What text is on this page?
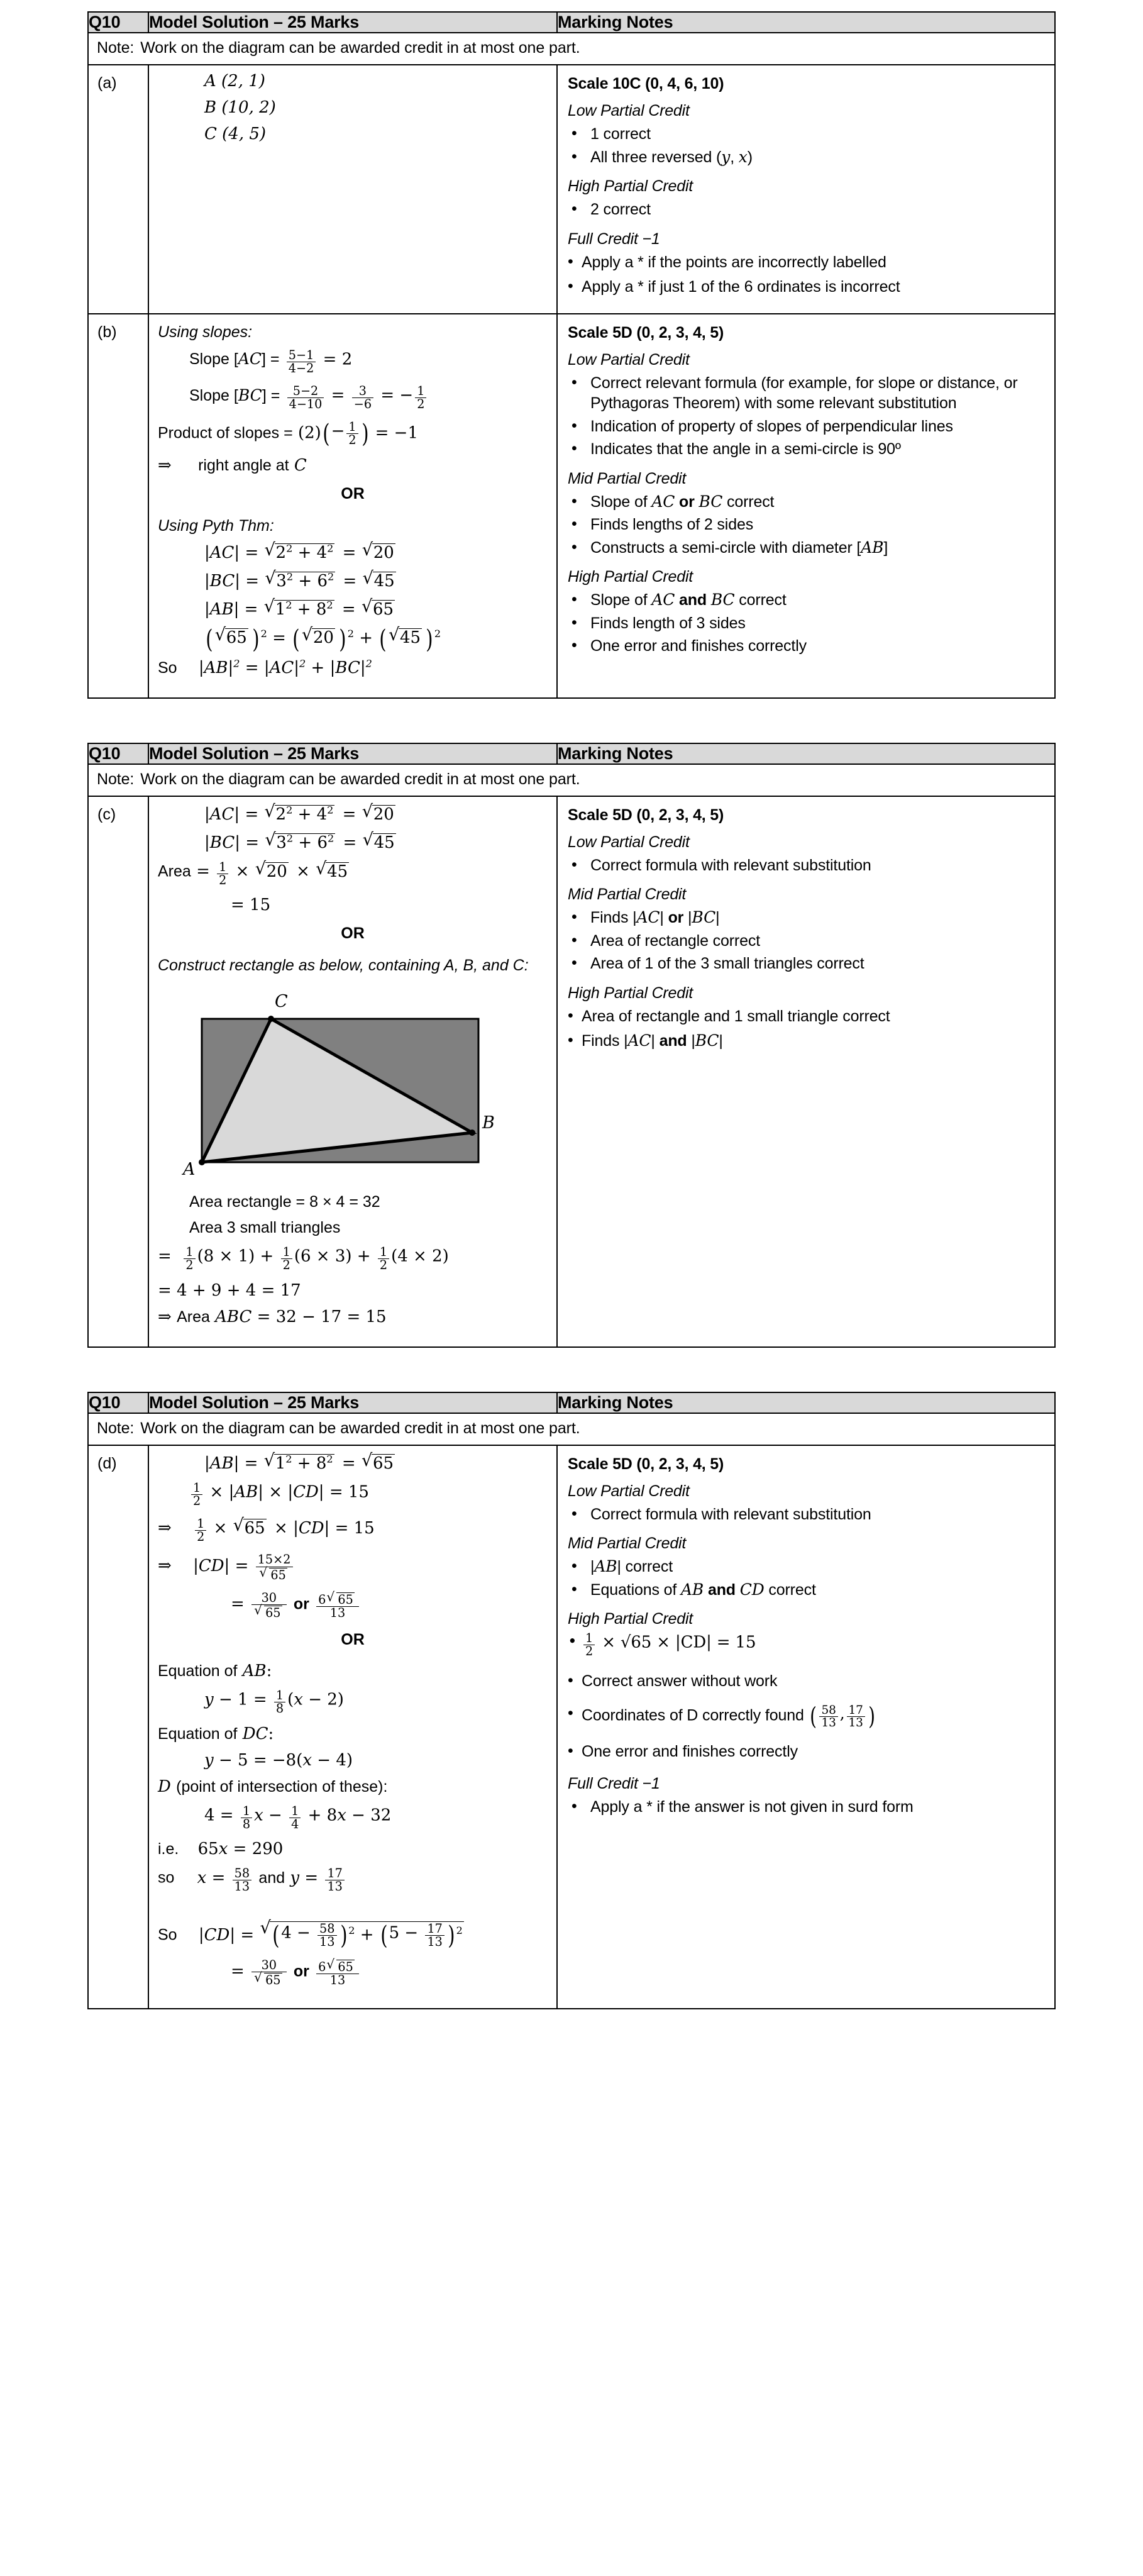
Q10	Model Solution – 25 Marks	Marking Notes
Note: Work on the diagram can be awarded credit in at most one part.		
(a)	A (2, 1)
B (10, 2)
C (4, 5)

Scale 10C (0, 4, 6, 10)
Low Partial Credit
• 1 correct
• All three reversed (y, x)
High Partial Credit
• 2 correct
Full Credit −1
• Apply a * if the points are incorrectly labelled
• Apply a * if just 1 of the 6 ordinates is incorrect

(b)	Using slopes:
Slope $[AC] = \frac{5-1}{4-2} = 2$
Slope $[BC] = \frac{5-2}{4-10} = \frac{3}{-6}$ = − $\frac{1}{2}$
Product of slopes = $(2)(- \frac{1}{2}$ ) = −1
⇒ right angle at C
OR
Using Pyth Thm:
|AC| = √ $2^2 + 4^2$ = √ 20
|BC| = √ $3^2 + 6^2$ = √ 45
|AB| = √ $1^2 + 8^2$ = √ 65
( √ 65 ) $^2$ = ( √ 20 ) $^2$ + ( √ 45 ) $^2$
So $|AB|^2 = |AC|^2 + |BC|^2$

Scale 5D (0, 2, 3, 4, 5)
Low Partial Credit
• Correct relevant formula (for example, for slope or distance, or Pythagoras Theorem) with some relevant substitution
• Indication of property of slopes of perpendicular lines
• Indicates that the angle in a semi-circle is 90º
Mid Partial Credit
• Slope of AC or BC correct
• Finds lengths of 2 sides
• Constructs a semi-circle with diameter [AB]
High Partial Credit
• Slope of AC and BC correct
• Finds length of 3 sides
• One error and finishes correctly
Q10	Model Solution – 25 Marks	Marking Notes
Note: Work on the diagram can be awarded credit in at most one part.		
(c)	|AC| = √ $2^2 + 4^2$ = √ 20
|BC| = √ $3^2 + 6^2$ = √ 45
Area = $\frac{1}{2}$ × √ 20 × √ 45
= 15
OR
Construct rectangle as below, containing A, B, and C:
A
B
C
Area rectangle = 8 × 4 = 32
Area 3 small triangles
= $\frac{1}{2} (8 \times 1) + \frac{1}{2} (6 \times 3) + \frac{1}{2} (4 \times 2)$
= 4 + 9 + 4 = 17
⇒ Area ABC = 32 − 17 = 15

Scale 5D (0, 2, 3, 4, 5)
Low Partial Credit
• Correct formula with relevant substitution
Mid Partial Credit
• Finds |AC| or |BC|
• Area of rectangle correct
• Area of 1 of the 3 small triangles correct
High Partial Credit
• Area of rectangle and 1 small triangle correct
• Finds |AC| and |BC|
Q10	Model Solution – 25 Marks	Marking Notes
Note: Work on the diagram can be awarded credit in at most one part.		
(d)	|AB| = √ $1^2 + 8^2$ = √ 65
$\frac{1}{2} \times |AB| \times |CD| = 15$
⇒ $\frac{1}{2}$ × √ 65 × |CD| = 15
⇒ |CD| = 15×2
√ 65
= 30
√ 65 or $\frac{6 √ 65}{13}$
OR
Equation of AB:
$y - 1 = \frac{1}{8} (x - 2)$
Equation of DC:
y − 5 = −8(x − 4)
D (point of intersection of these):
$4 = \frac{1}{8}$ $x - \frac{1}{4} + 8x - 32$
i.e. 65x = 290
so $x = \frac{58}{13}$ and $y = \frac{17}{13}$
So |CD| = √ ($4 - \frac{58}{13}$ ) $^2 + (5 - \frac{17}{13}$ ) $^2$
= 30
√ 65 or $\frac{6 √ 65}{13}$

Scale 5D (0, 2, 3, 4, 5)
Low Partial Credit
• Correct formula with relevant substitution
Mid Partial Credit
• |AB| correct
• Equations of AB and CD correct
High Partial Credit
• $\frac{1}{2} \times √65 \times |CD| = 15$
• Correct answer without work
• Coordinates of D correctly found ( $\frac{58}{13}$ , $\frac{17}{13}$ )
• One error and finishes correctly
Full Credit −1
• Apply a * if the answer is not given in surd form
